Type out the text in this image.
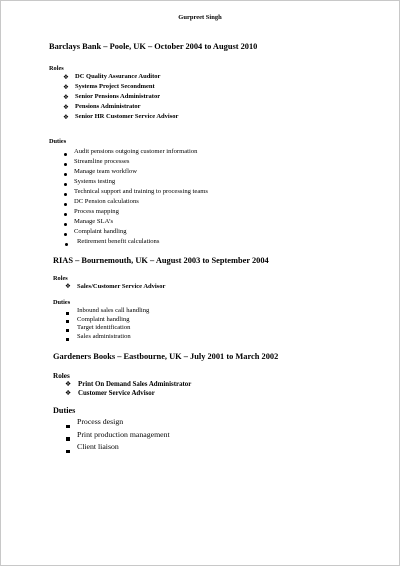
Gurpreet Singh
Barclays Bank – Poole, UK – October 2004 to August 2010
Roles
❖ DC Quality Assurance Auditor
❖ Systems Project Secondment
❖ Senior Pensions Administrator
❖ Pensions Administrator
❖ Senior HR Customer Service Advisor
Duties
Audit pensions outgoing customer information
Streamline processes
Manage team workflow
Systems testing
Technical support and training to processing teams
DC Pension calculations
Process mapping
Manage SLA’s
Complaint handling
Retirement benefit calculations
RIAS – Bournemouth, UK – August 2003 to September 2004
Roles
❖ Sales/Customer Service Advisor
Duties
Inbound sales call handling
Complaint handling
Target identification
Sales administration
Gardeners Books – Eastbourne, UK – July 2001 to March 2002
Roles
❖ Print On Demand Sales Administrator
❖ Customer Service Advisor
Duties
Process design
Print production management
Client liaison
